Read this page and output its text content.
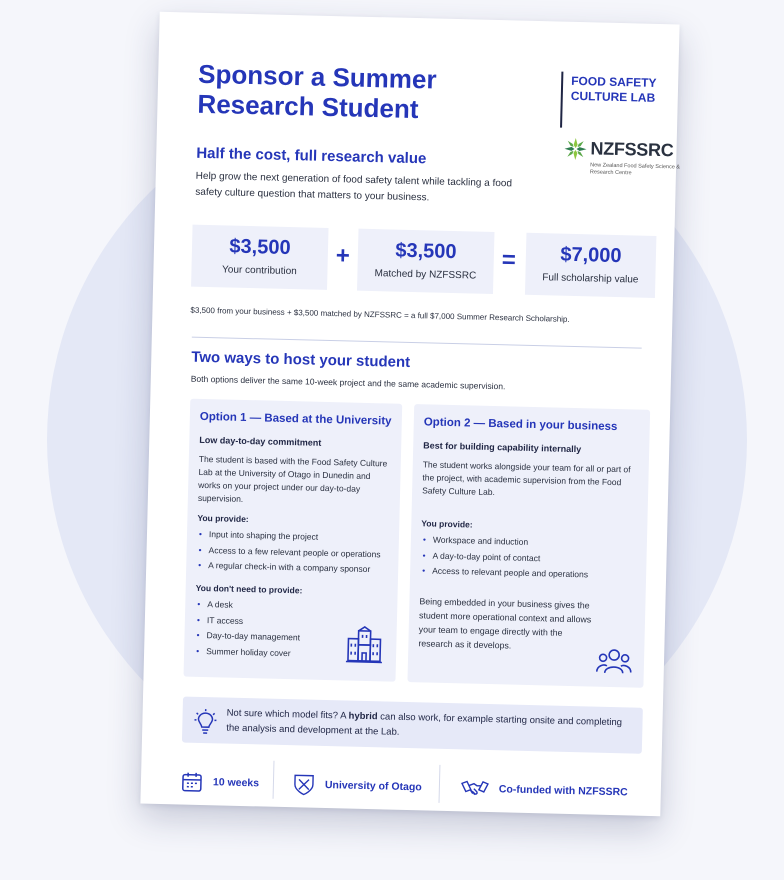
Sponsor a Summer Research Student
FOOD SAFETY CULTURE LAB
NZFSSRC
New Zealand Food Safety Science & Research Centre
Half the cost, full research value
Help grow the next generation of food safety talent while tackling a food safety culture question that matters to your business.
$3,500
Your contribution
+	$3,500
Matched by NZFSSRC
=	$7,000
Full scholarship value
$3,500 from your business + $3,500 matched by NZFSSRC = a full $7,000 Summer Research Scholarship.
Two ways to host your student
Both options deliver the same 10-week project and the same academic supervision.
Option 1 — Based at the University
Low day-to-day commitment
The student is based with the Food Safety Culture Lab at the University of Otago in Dunedin and works on your project under our day-to-day supervision.
You provide:
• Input into shaping the project
• Access to a few relevant people or operations
• A regular check-in with a company sponsor
You don't need to provide:
• A desk
• IT access
• Day-to-day management
• Summer holiday cover
Option 2 — Based in your business
Best for building capability internally
The student works alongside your team for all or part of the project, with academic supervision from the Food Safety Culture Lab.
You provide:
• Workspace and induction
• A day-to-day point of contact
• Access to relevant people and operations
Being embedded in your business gives the student more operational context and allows your team to engage directly with the research as it develops.
Not sure which model fits? A hybrid can also work, for example starting onsite and completing the analysis and development at the Lab.
10 weeks	University of Otago	Co-funded with NZFSSRC
